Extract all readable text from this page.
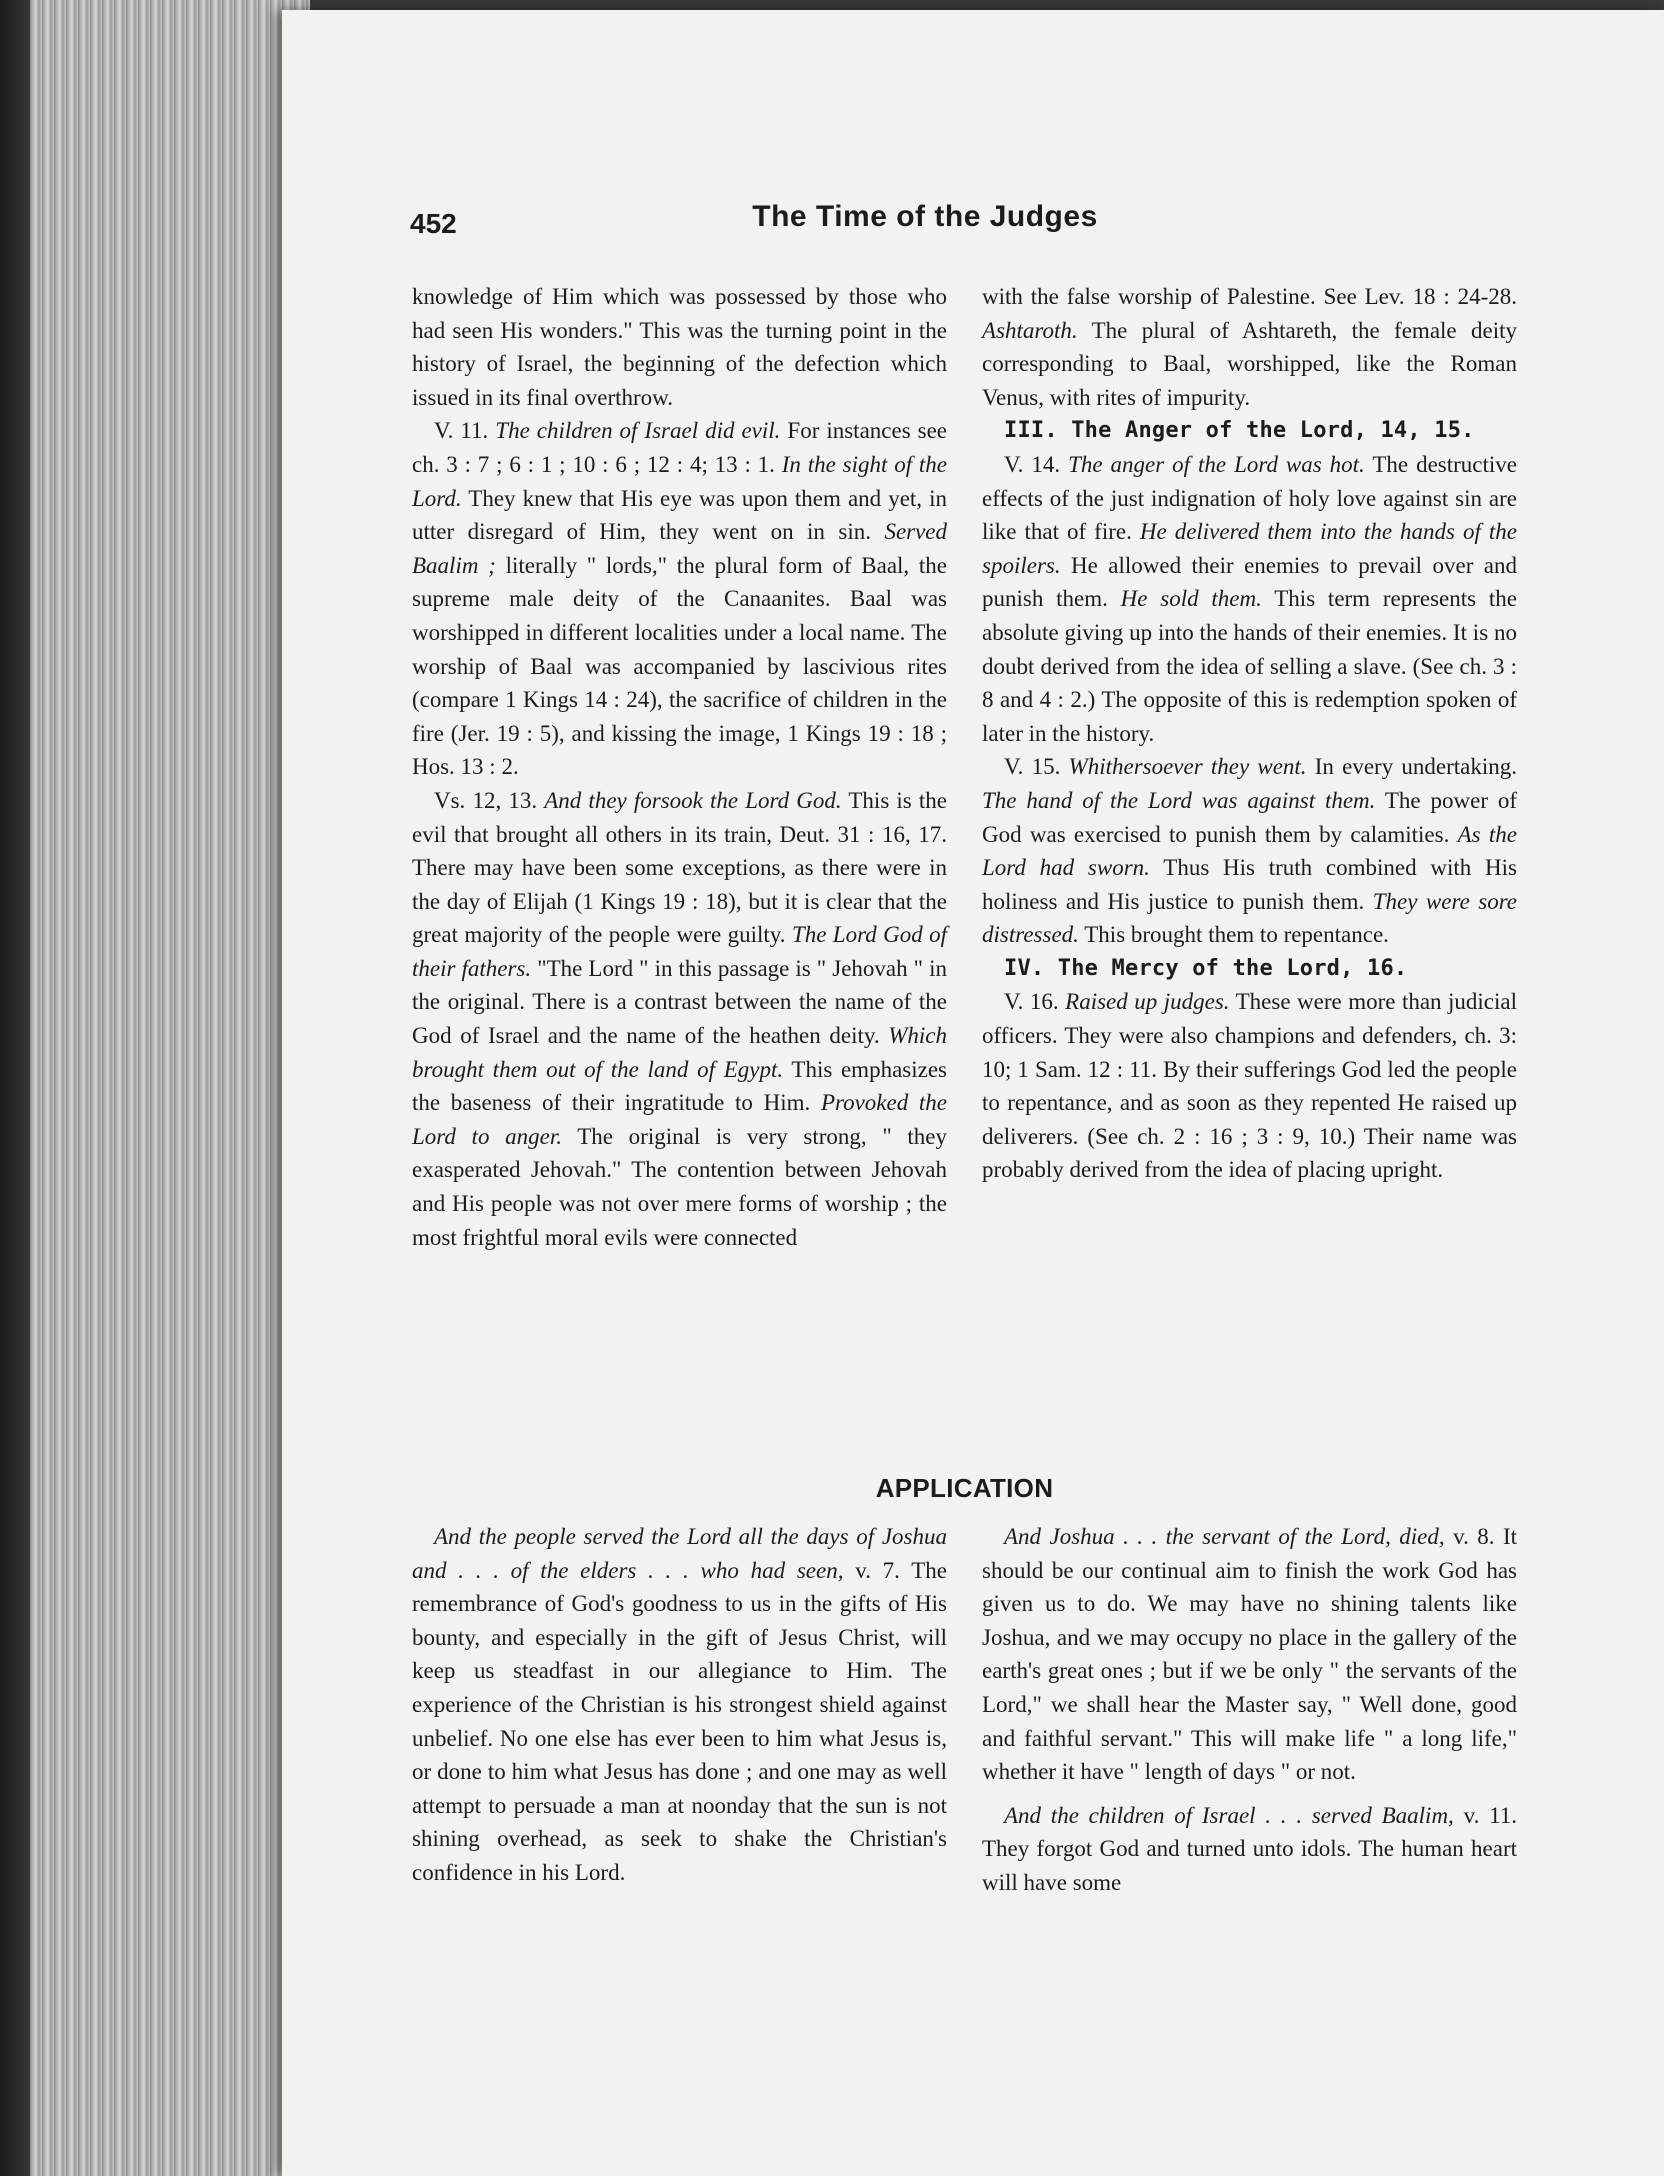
452	The Time of the Judges

knowledge of Him which was possessed by those who had seen His wonders." This was the turning point in the history of Israel, the beginning of the defection which issued in its final overthrow.

V. 11. The children of Israel did evil. For instances see ch. 3 : 7 ; 6 : 1 ; 10 : 6 ; 12 : 4; 13 : 1. In the sight of the Lord. They knew that His eye was upon them and yet, in utter disregard of Him, they went on in sin. Served Baalim ; literally " lords," the plural form of Baal, the supreme male deity of the Canaanites. Baal was worshipped in different localities under a local name. The worship of Baal was accompanied by lascivious rites (compare 1 Kings 14 : 24), the sacrifice of children in the fire (Jer. 19 : 5), and kissing the image, 1 Kings 19 : 18 ; Hos. 13 : 2.

Vs. 12, 13. And they forsook the Lord God. This is the evil that brought all others in its train, Deut. 31 : 16, 17. There may have been some exceptions, as there were in the day of Elijah (1 Kings 19 : 18), but it is clear that the great majority of the people were guilty. The Lord God of their fathers. "The Lord " in this passage is " Jehovah " in the original. There is a contrast between the name of the God of Israel and the name of the heathen deity. Which brought them out of the land of Egypt. This emphasizes the baseness of their ingratitude to Him. Provoked the Lord to anger. The original is very strong, " they exasperated Jehovah." The contention between Jehovah and His people was not over mere forms of worship ; the most frightful moral evils were connected

with the false worship of Palestine. See Lev. 18 : 24-28. Ashtaroth. The plural of Ashtareth, the female deity corresponding to Baal, worshipped, like the Roman Venus, with rites of impurity.

III. The Anger of the Lord, 14, 15.

V. 14. The anger of the Lord was hot. The destructive effects of the just indignation of holy love against sin are like that of fire. He delivered them into the hands of the spoilers. He allowed their enemies to prevail over and punish them. He sold them. This term represents the absolute giving up into the hands of their enemies. It is no doubt derived from the idea of selling a slave. (See ch. 3 : 8 and 4 : 2.) The opposite of this is redemption spoken of later in the history.

V. 15. Whithersoever they went. In every undertaking. The hand of the Lord was against them. The power of God was exercised to punish them by calamities. As the Lord had sworn. Thus His truth combined with His holiness and His justice to punish them. They were sore distressed. This brought them to repentance.

IV. The Mercy of the Lord, 16.

V. 16. Raised up judges. These were more than judicial officers. They were also champions and defenders, ch. 3: 10; 1 Sam. 12 : 11. By their sufferings God led the people to repentance, and as soon as they repented He raised up deliverers. (See ch. 2 : 16 ; 3 : 9, 10.) Their name was probably derived from the idea of placing upright.

APPLICATION

And the people served the Lord all the days of Joshua and . . . of the elders . . . who had seen, v. 7. The remembrance of God's goodness to us in the gifts of His bounty, and especially in the gift of Jesus Christ, will keep us steadfast in our allegiance to Him. The experience of the Christian is his strongest shield against unbelief. No one else has ever been to him what Jesus is, or done to him what Jesus has done ; and one may as well attempt to persuade a man at noonday that the sun is not shining overhead, as seek to shake the Christian's confidence in his Lord.

And Joshua . . . the servant of the Lord, died, v. 8. It should be our continual aim to finish the work God has given us to do. We may have no shining talents like Joshua, and we may occupy no place in the gallery of the earth's great ones ; but if we be only " the servants of the Lord," we shall hear the Master say, " Well done, good and faithful servant." This will make life " a long life," whether it have " length of days " or not.

And the children of Israel . . . served Baalim, v. 11. They forgot God and turned unto idols. The human heart will have some
